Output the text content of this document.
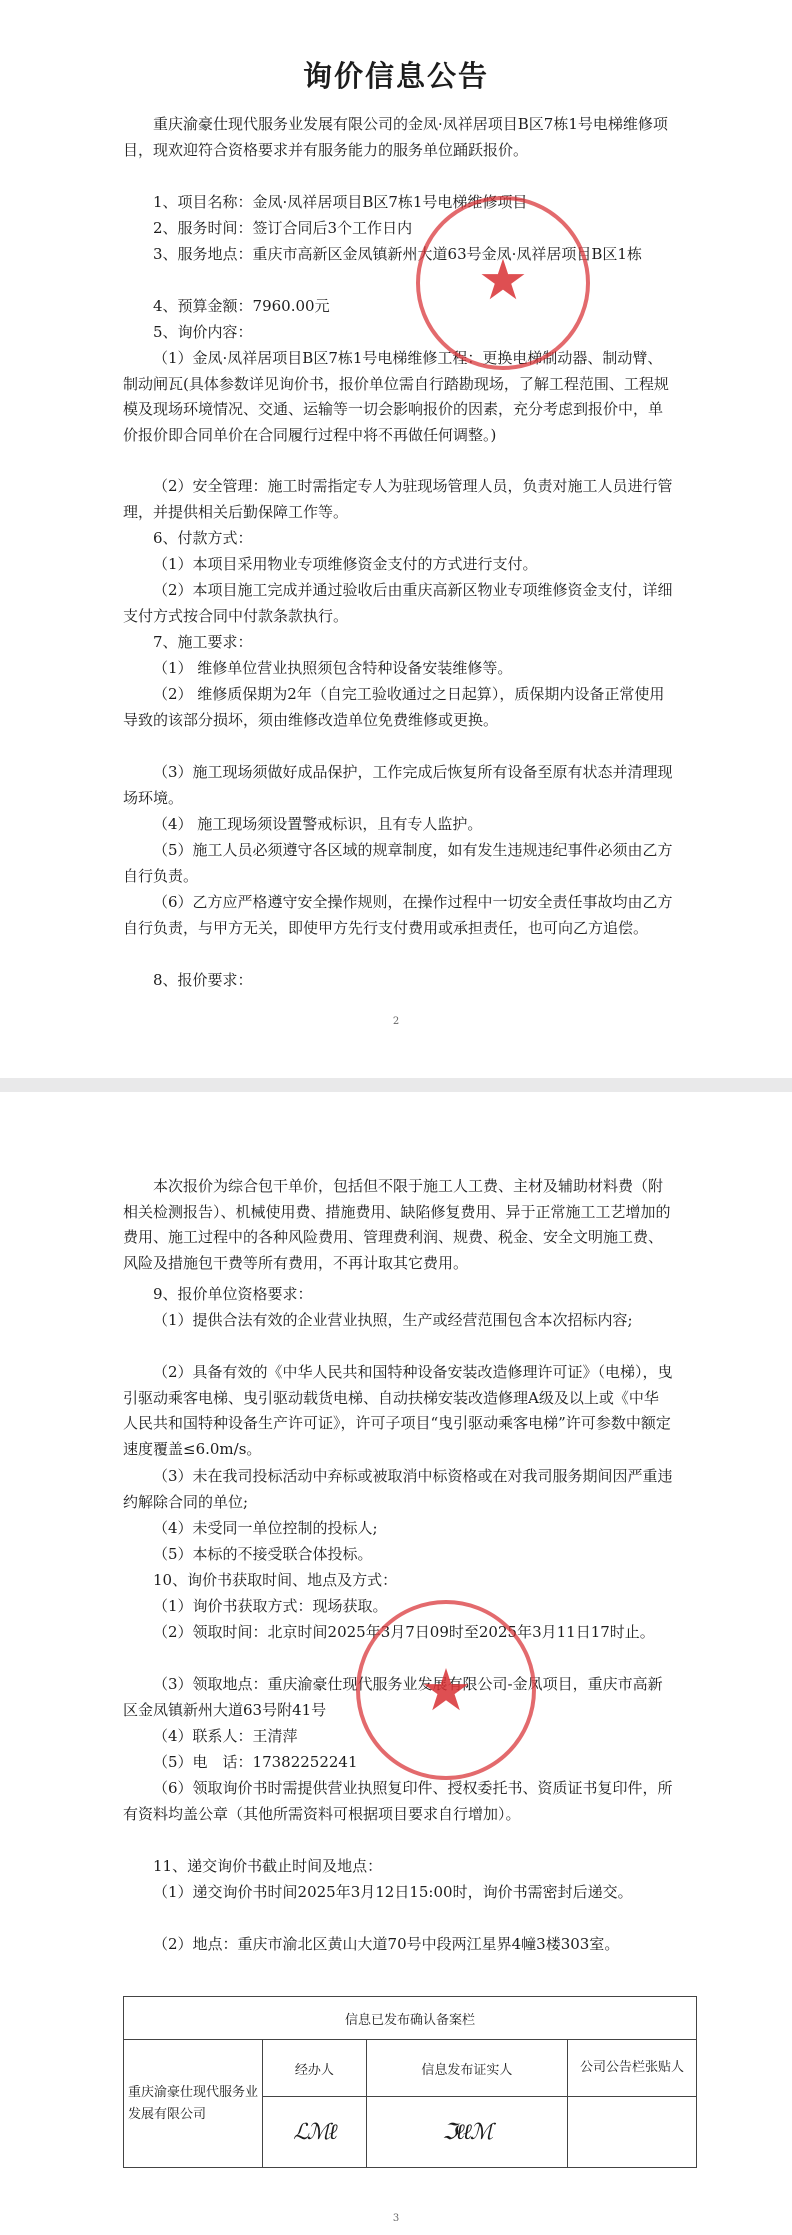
询价信息公告

重庆渝豪仕现代服务业发展有限公司的金凤·凤祥居项目B区7栋1号电梯维修项目，现欢迎符合资格要求并有服务能力的服务单位踊跃报价。

1、项目名称：金凤·凤祥居项目B区7栋1号电梯维修项目

2、服务时间：签订合同后3个工作日内

3、服务地点：重庆市高新区金凤镇新州大道63号金凤·凤祥居项目B区1栋

4、预算金额：7960.00元

5、询价内容：

（1）金凤·凤祥居项目B区7栋1号电梯维修工程：更换电梯制动器、制动臂、制动闸瓦(具体参数详见询价书，报价单位需自行踏勘现场，了解工程范围、工程规模及现场环境情况、交通、运输等一切会影响报价的因素，充分考虑到报价中，单价报价即合同单价在合同履行过程中将不再做任何调整。)

（2）安全管理：施工时需指定专人为驻现场管理人员，负责对施工人员进行管理，并提供相关后勤保障工作等。

6、付款方式：

（1）本项目采用物业专项维修资金支付的方式进行支付。

（2）本项目施工完成并通过验收后由重庆高新区物业专项维修资金支付，详细支付方式按合同中付款条款执行。

7、施工要求：

（1） 维修单位营业执照须包含特种设备安装维修等。

（2） 维修质保期为2年（自完工验收通过之日起算），质保期内设备正常使用导致的该部分损坏，须由维修改造单位免费维修或更换。

（3）施工现场须做好成品保护，工作完成后恢复所有设备至原有状态并清理现场环境。

（4） 施工现场须设置警戒标识，且有专人监护。

（5）施工人员必须遵守各区域的规章制度，如有发生违规违纪事件必须由乙方自行负责。

（6）乙方应严格遵守安全操作规则，在操作过程中一切安全责任事故均由乙方自行负责，与甲方无关，即使甲方先行支付费用或承担责任，也可向乙方追偿。

8、报价要求：

2
★

本次报价为综合包干单价，包括但不限于施工人工费、主材及辅助材料费（附相关检测报告）、机械使用费、措施费用、缺陷修复费用、异于正常施工工艺增加的费用、施工过程中的各种风险费用、管理费利润、规费、税金、安全文明施工费、风险及措施包干费等所有费用，不再计取其它费用。

9、报价单位资格要求：

（1）提供合法有效的企业营业执照，生产或经营范围包含本次招标内容;

（2）具备有效的《中华人民共和国特种设备安装改造修理许可证》（电梯），曳引驱动乘客电梯、曳引驱动载货电梯、自动扶梯安装改造修理A级及以上或《中华人民共和国特种设备生产许可证》，许可子项目“曳引驱动乘客电梯”许可参数中额定速度覆盖≤6.0m/s。

（3）未在我司投标活动中弃标或被取消中标资格或在对我司服务期间因严重违约解除合同的单位;

（4）未受同一单位控制的投标人;

（5）本标的不接受联合体投标。

10、询价书获取时间、地点及方式：

（1）询价书获取方式：现场获取。

（2）领取时间：北京时间2025年3月7日09时至2025年3月11日17时止。

（3）领取地点：重庆渝豪仕现代服务业发展有限公司-金凤项目，重庆市高新区金凤镇新州大道63号附41号

（4）联系人：王清萍

（5）电　话：17382252241

（6）领取询价书时需提供营业执照复印件、授权委托书、资质证书复印件，所有资料均盖公章（其他所需资料可根据项目要求自行增加）。

11、递交询价书截止时间及地点：

（1）递交询价书时间2025年3月12日15:00时，询价书需密封后递交。

（2）地点：重庆市渝北区黄山大道70号中段两江星界4幢3楼303室。

信息已发布确认备案栏			
重庆渝豪仕现代服务业发展有限公司	经办人	信息发布证实人	公司公告栏张贴人
	ℒℳℓ	ℑℓℓℳ	
3
★
